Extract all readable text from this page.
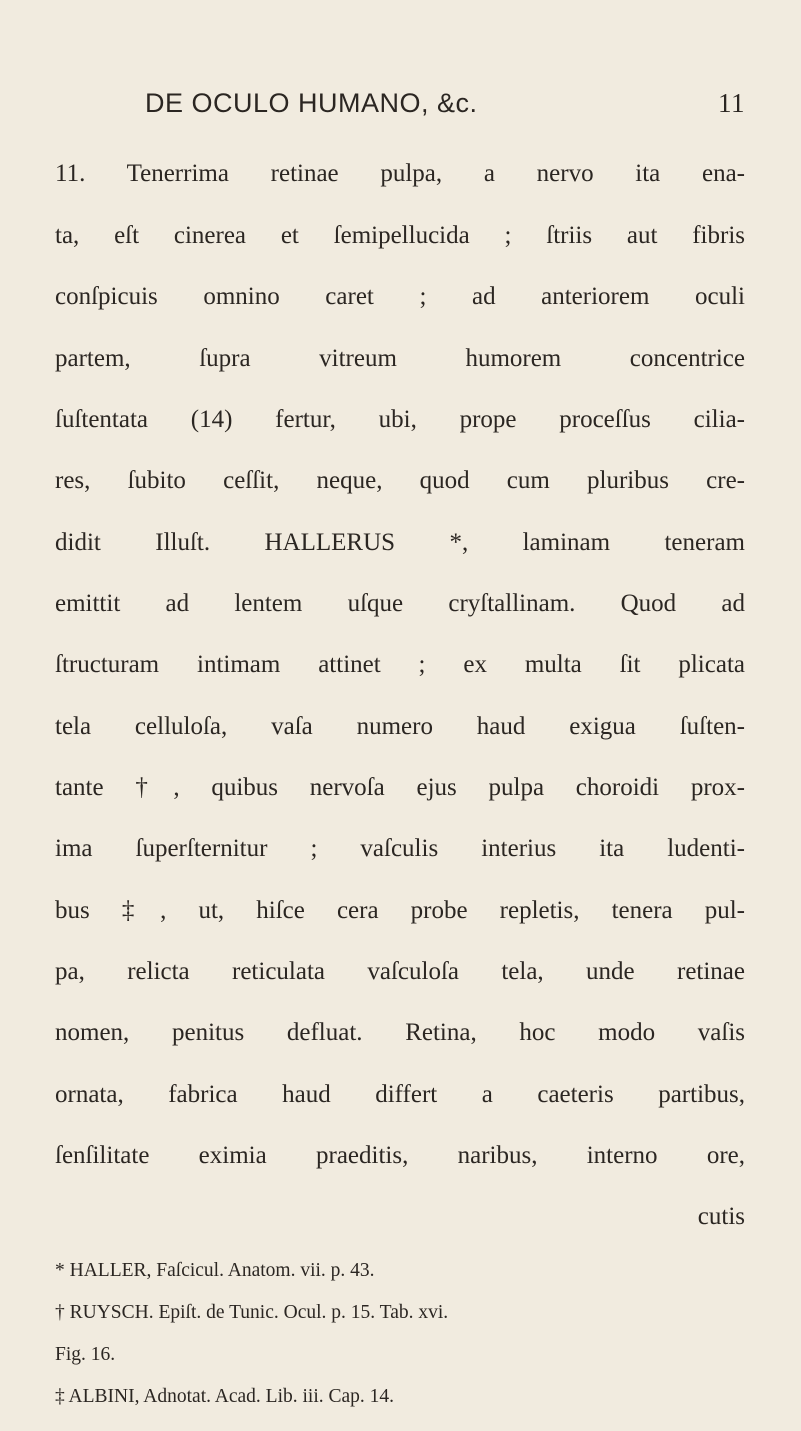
DE OCULO HUMANO, &c.	11
11. Tenerrima retinae pulpa, a nervo ita ena-
ta, eſt cinerea et ſemipellucida ; ſtriis aut fibris
conſpicuis omnino caret ; ad anteriorem oculi
partem, ſupra vitreum humorem concentrice
ſuſtentata (14) fertur, ubi, prope proceſſus cilia-
res, ſubito ceſſit, neque, quod cum pluribus cre-
didit Illuſt. HALLERUS *, laminam teneram
emittit ad lentem uſque cryſtallinam. Quod ad
ſtructuram intimam attinet ; ex multa ſit plicata
tela celluloſa, vaſa numero haud exigua ſuſten-
tante †, quibus nervoſa ejus pulpa choroidi prox-
ima ſuperſternitur ; vaſculis interius ita ludenti-
bus ‡, ut, hiſce cera probe repletis, tenera pul-
pa, relicta reticulata vaſculoſa tela, unde retinae
nomen, penitus defluat. Retina, hoc modo vaſis
ornata, fabrica haud differt a caeteris partibus,
ſenſilitate eximia praeditis, naribus, interno ore,
cutis
* HALLER, Faſcicul. Anatom. vii. p. 43.
† RUYSCH. Epiſt. de Tunic. Ocul. p. 15. Tab. xvi.
Fig. 16.
‡ ALBINI, Adnotat. Acad. Lib. iii. Cap. 14.
